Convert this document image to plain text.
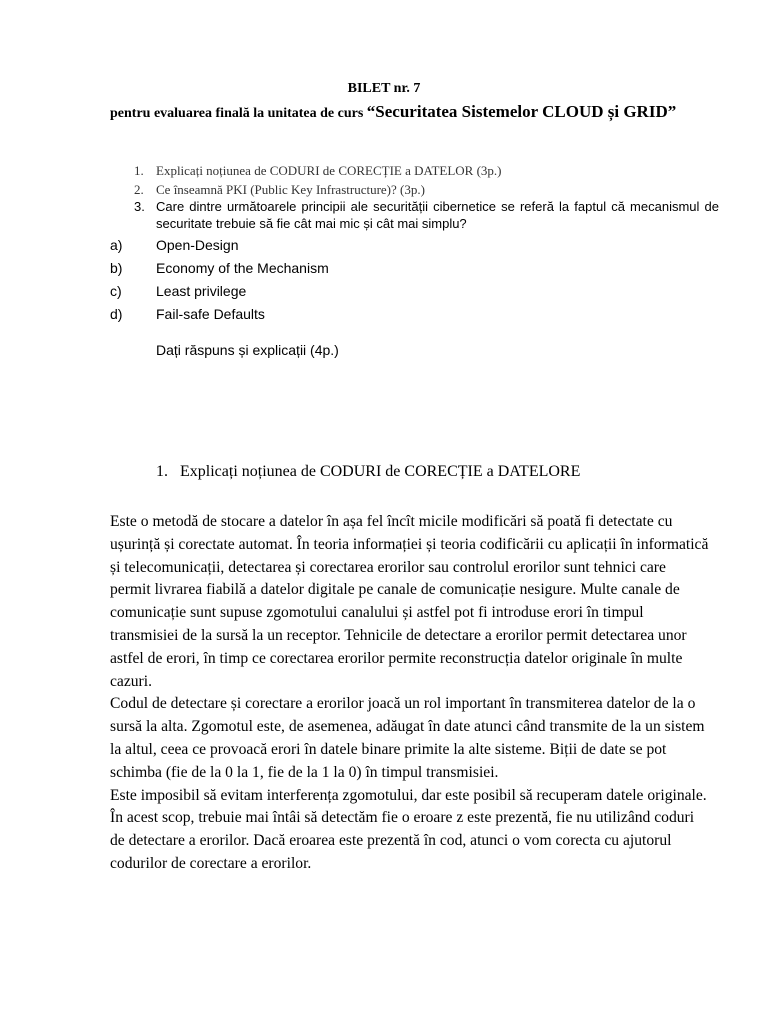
BILET nr. 7
pentru evaluarea finală la unitatea de curs “Securitatea Sistemelor CLOUD și GRID”
1. Explicați noțiunea de CODURI de CORECȚIE a DATELOR (3p.)
2. Ce înseamnă PKI (Public Key Infrastructure)? (3p.)
3. Care dintre următoarele principii ale securității cibernetice se referă la faptul că mecanismul de securitate trebuie să fie cât mai mic și cât mai simplu?
a) Open-Design
b) Economy of the Mechanism
c) Least privilege
d) Fail-safe Defaults
Dați răspuns și explicații (4p.)
1. Explicați noțiunea de CODURI de CORECȚIE a DATELORE

Este o metodă de stocare a datelor în așa fel încît micile modificări să poată fi detectate cu ușurință și corectate automat. În teoria informației și teoria codificării cu aplicații în informatică și telecomunicații, detectarea și corectarea erorilor sau controlul erorilor sunt tehnici care permit livrarea fiabilă a datelor digitale pe canale de comunicație nesigure. Multe canale de comunicație sunt supuse zgomotului canalului și astfel pot fi introduse erori în timpul transmisiei de la sursă la un receptor. Tehnicile de detectare a erorilor permit detectarea unor astfel de erori, în timp ce corectarea erorilor permite reconstrucția datelor originale în multe cazuri.

Codul de detectare și corectare a erorilor joacă un rol important în transmiterea datelor de la o sursă la alta. Zgomotul este, de asemenea, adăugat în date atunci când transmite de la un sistem la altul, ceea ce provoacă erori în datele binare primite la alte sisteme. Biții de date se pot schimba (fie de la 0 la 1, fie de la 1 la 0) în timpul transmisiei.

Este imposibil să evitam interferența zgomotului, dar este posibil să recuperam datele originale. În acest scop, trebuie mai întâi să detectăm fie o eroare z este prezentă, fie nu utilizând coduri de detectare a erorilor. Dacă eroarea este prezentă în cod, atunci o vom corecta cu ajutorul codurilor de corectare a erorilor.
